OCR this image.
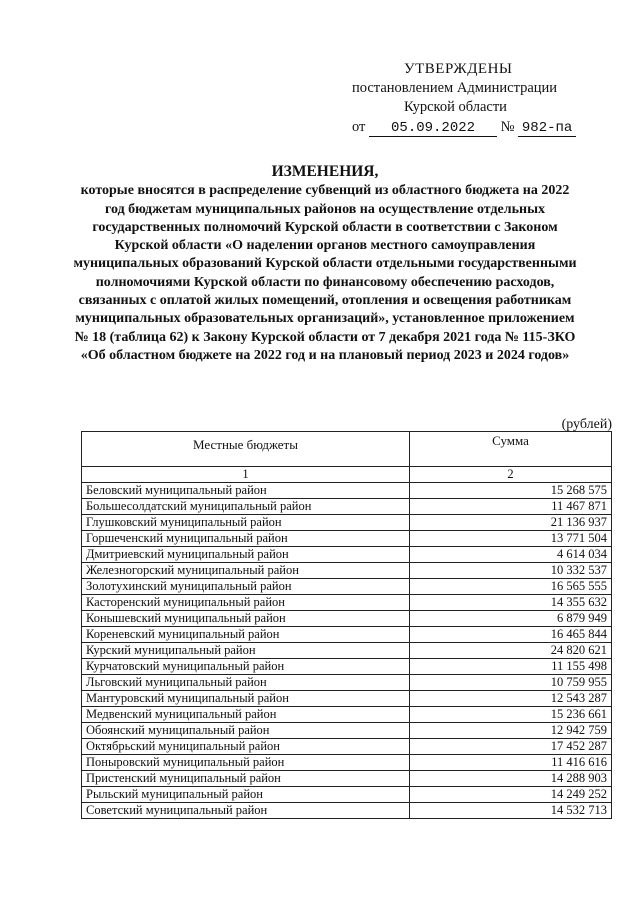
УТВЕРЖДЕНЫ
постановлением Администрации
Курской области
от 05.09.2022 № 982-па
ИЗМЕНЕНИЯ,
которые вносятся в распределение субвенций из областного бюджета на 2022 год бюджетам муниципальных районов на осуществление отдельных государственных полномочий Курской области в соответствии с Законом Курской области «О наделении органов местного самоуправления муниципальных образований Курской области отдельными государственными полномочиями Курской области по финансовому обеспечению расходов, связанных с оплатой жилых помещений, отопления и освещения работникам муниципальных образовательных организаций», установленное приложением № 18 (таблица 62) к Закону Курской области от 7 декабря 2021 года № 115-ЗКО «Об областном бюджете на 2022 год и на плановый период 2023 и 2024 годов»
(рублей)
Местные бюджеты	Сумма
1	2
Беловский муниципальный район	15 268 575
Большесолдатский муниципальный район	11 467 871
Глушковский муниципальный район	21 136 937
Горшеченский муниципальный район	13 771 504
Дмитриевский муниципальный район	4 614 034
Железногорский муниципальный район	10 332 537
Золотухинский муниципальный район	16 565 555
Касторенский муниципальный район	14 355 632
Конышевский муниципальный район	6 879 949
Кореневский муниципальный район	16 465 844
Курский муниципальный район	24 820 621
Курчатовский муниципальный район	11 155 498
Льговский муниципальный район	10 759 955
Мантуровский муниципальный район	12 543 287
Медвенский муниципальный район	15 236 661
Обоянский муниципальный район	12 942 759
Октябрьский муниципальный район	17 452 287
Поныровский муниципальный район	11 416 616
Пристенский муниципальный район	14 288 903
Рыльский муниципальный район	14 249 252
Советский муниципальный район	14 532 713
